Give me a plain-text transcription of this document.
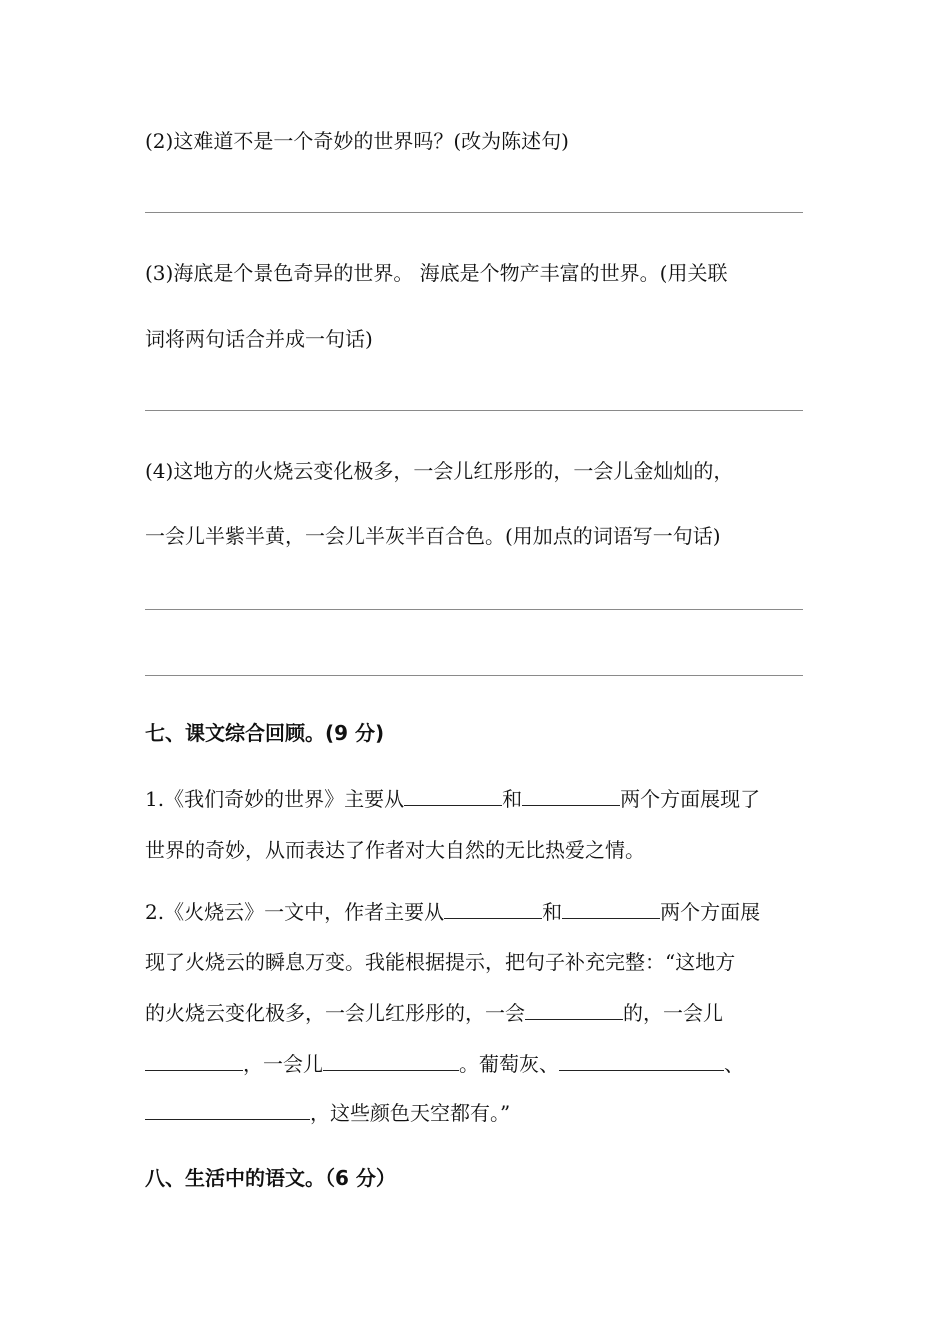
(2)这难道不是一个奇妙的世界吗？(改为陈述句)
(3)海底是个景色奇异的世界。 海底是个物产丰富的世界。(用关联
词将两句话合并成一句话)
(4)这地方的火烧云变化极多，一会儿红彤彤的，一会儿金灿灿的，
一会儿半紫半黄，一会儿半灰半百合色。(用加点的词语写一句话)
七、课文综合回顾。(9 分)
1.《我们奇妙的世界》主要从	和	两个方面展现了
世界的奇妙，从而表达了作者对大自然的无比热爱之情。
2.《火烧云》一文中，作者主要从	和	两个方面展
现了火烧云的瞬息万变。我能根据提示，把句子补充完整：“这地方
的火烧云变化极多，一会儿红彤彤的，一会	的，一会儿
，一会儿	。葡萄灰、	、
，这些颜色天空都有。”
八、生活中的语文。（6 分）
